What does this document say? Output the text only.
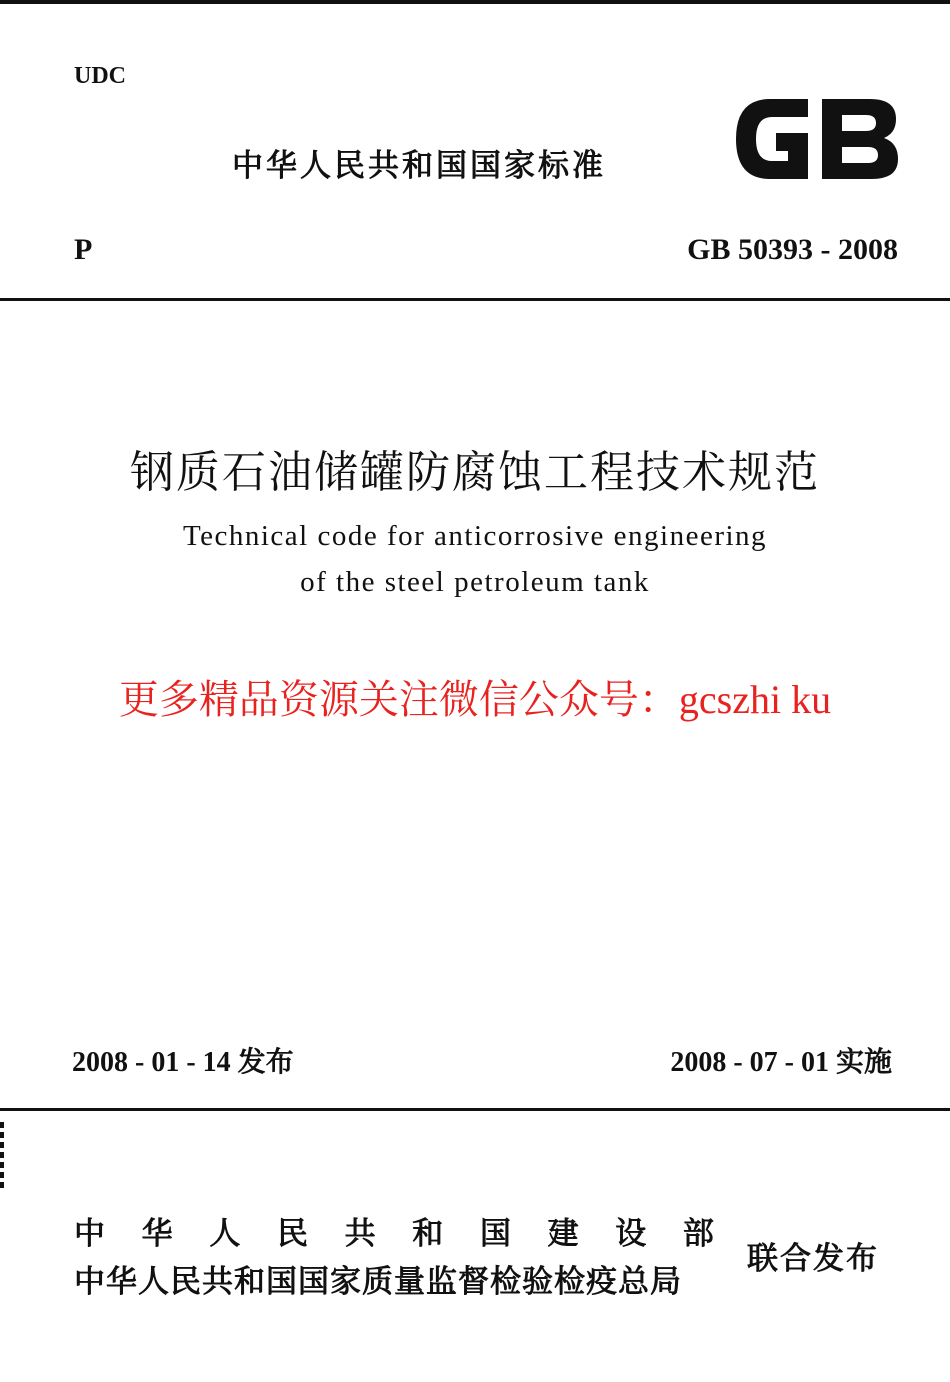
UDC
中华人民共和国国家标准
P	GB 50393 - 2008
钢质石油储罐防腐蚀工程技术规范
Technical code for anticorrosive engineering
of the steel petroleum tank
更多精品资源关注微信公众号：gcszhi ku
2008 - 01 - 14 发布	2008 - 07 - 01 实施
中 华 人 民 共 和 国 建 设 部
中华人民共和国国家质量监督检验检疫总局
联合发布
